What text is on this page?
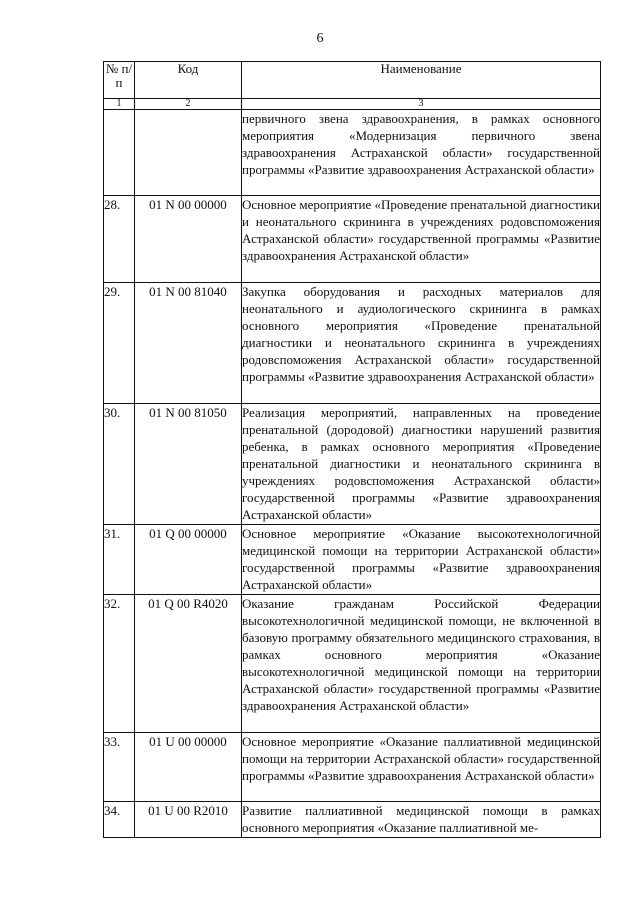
6
№ п/п	Код	Наименование
1	2	3
		первичного звена здравоохранения, в рамках основного мероприятия «Модернизация первичного звена здравоохранения Астраханской области» государственной программы «Развитие здравоохранения Астраханской области»
28.	01 N 00 00000	Основное мероприятие «Проведение пренатальной диагностики и неонатального скрининга в учреждениях родовспоможения Астраханской области» государственной программы «Развитие здравоохранения Астраханской области»
29.	01 N 00 81040	Закупка оборудования и расходных материалов для неонатального и аудиологического скрининга в рамках основного мероприятия «Проведение пренатальной диагностики и неонатального скрининга в учреждениях родовспоможения Астраханской области» государственной программы «Развитие здравоохранения Астраханской области»
30.	01 N 00 81050	Реализация мероприятий, направленных на проведение пренатальной (дородовой) диагностики нарушений развития ребенка, в рамках основного мероприятия «Проведение пренатальной диагностики и неонатального скрининга в учреждениях родовспоможения Астраханской области» государственной программы «Развитие здравоохранения Астраханской области»
31.	01 Q 00 00000	Основное мероприятие «Оказание высокотехнологичной медицинской помощи на территории Астраханской области» государственной программы «Развитие здравоохранения Астраханской области»
32.	01 Q 00 R4020	Оказание гражданам Российской Федерации высокотехнологичной медицинской помощи, не включенной в базовую программу обязательного медицинского страхования, в рамках основного мероприятия «Оказание высокотехнологичной медицинской помощи на территории Астраханской области» государственной программы «Развитие здравоохранения Астраханской области»
33.	01 U 00 00000	Основное мероприятие «Оказание паллиативной медицинской помощи на территории Астраханской области» государственной программы «Развитие здравоохранения Астраханской области»
34.	01 U 00 R2010	Развитие паллиативной медицинской помощи в рамках основного мероприятия «Оказание паллиативной ме-
